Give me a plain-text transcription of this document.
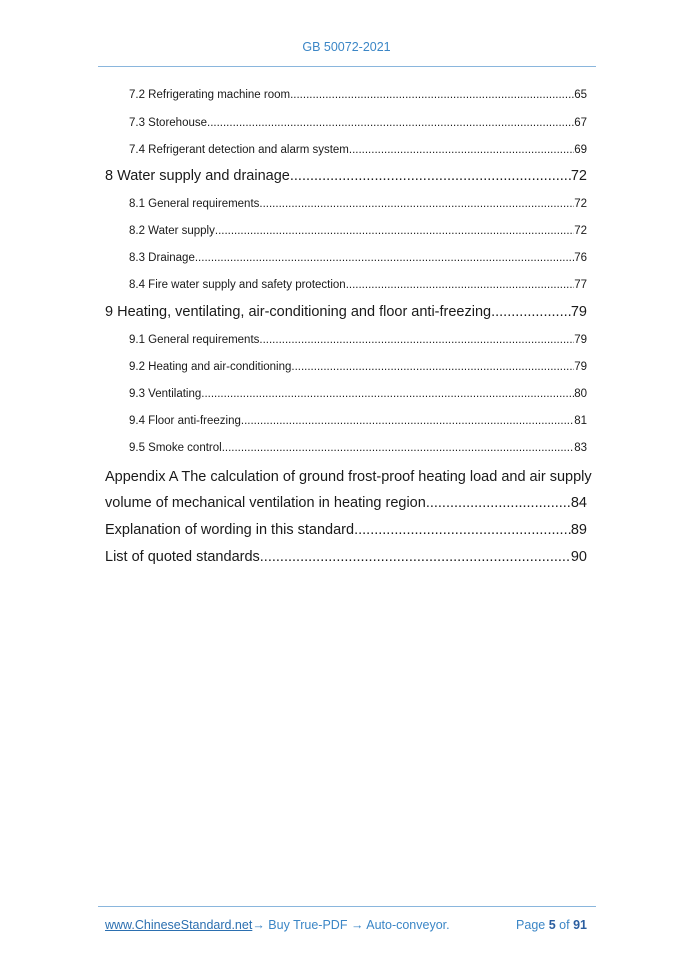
GB 50072-2021
7.2 Refrigerating machine room .....	65
7.3 Storehouse .....	67
7.4 Refrigerant detection and alarm system .....	69
8 Water supply and drainage .....	72
8.1 General requirements .....	72
8.2 Water supply .....	72
8.3 Drainage .....	76
8.4 Fire water supply and safety protection .....	77
9 Heating, ventilating, air-conditioning and floor anti-freezing .....	79
9.1 General requirements .....	79
9.2 Heating and air-conditioning .....	79
9.3 Ventilating .....	80
9.4 Floor anti-freezing .....	81
9.5 Smoke control .....	83
Appendix A The calculation of ground frost-proof heating load and air supply
volume of mechanical ventilation in heating region .....	84
Explanation of wording in this standard .....	89
List of quoted standards .....	90
www.ChineseStandard.net → Buy True-PDF → Auto-conveyor.	Page
5
of
91
